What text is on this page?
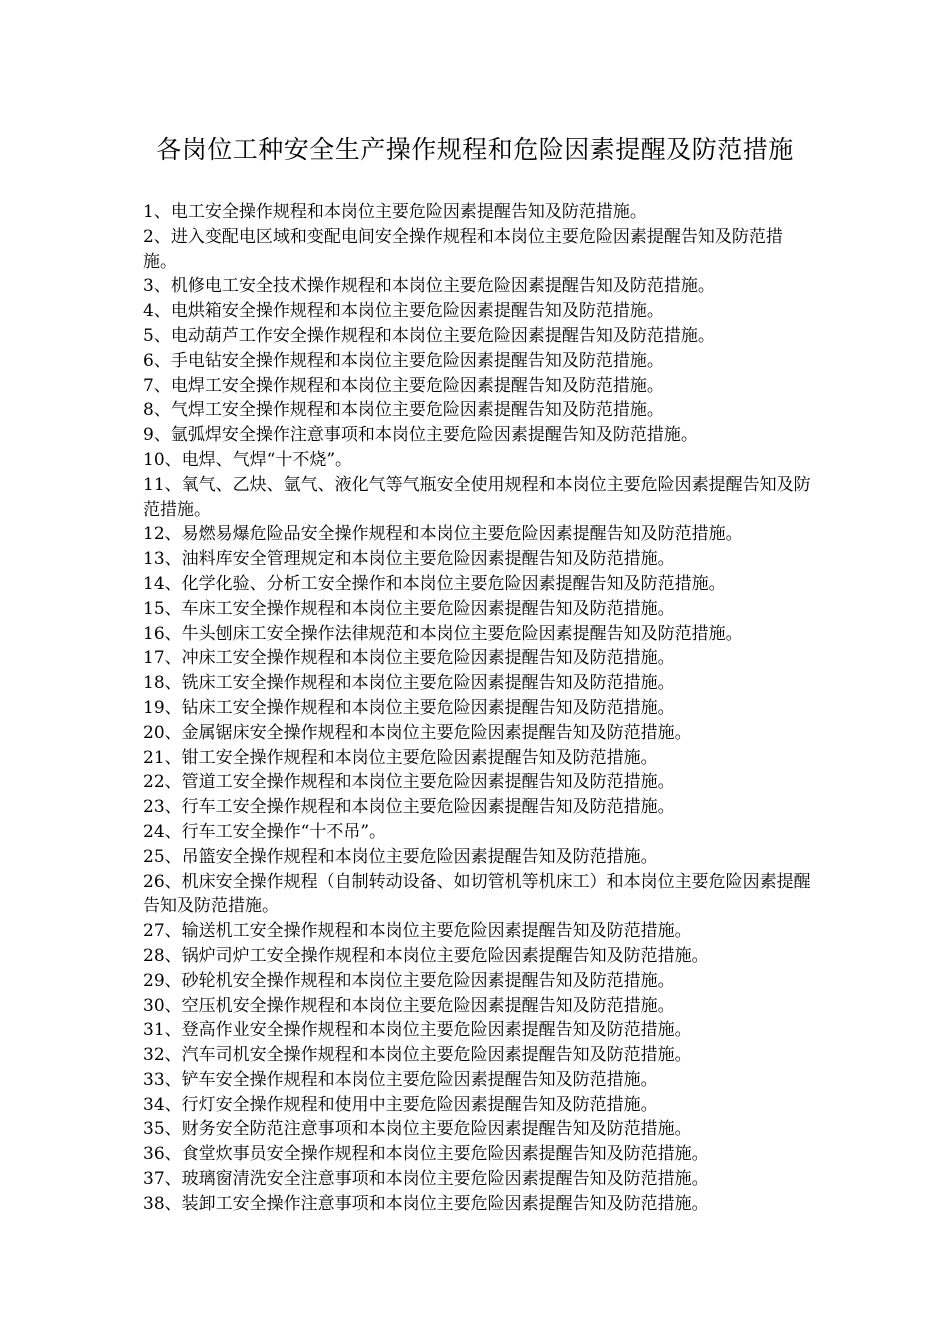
各岗位工种安全生产操作规程和危险因素提醒及防范措施
1、电工安全操作规程和本岗位主要危险因素提醒告知及防范措施。
2、进入变配电区域和变配电间安全操作规程和本岗位主要危险因素提醒告知及防范措施。
3、机修电工安全技术操作规程和本岗位主要危险因素提醒告知及防范措施。
4、电烘箱安全操作规程和本岗位主要危险因素提醒告知及防范措施。
5、电动葫芦工作安全操作规程和本岗位主要危险因素提醒告知及防范措施。
6、手电钻安全操作规程和本岗位主要危险因素提醒告知及防范措施。
7、电焊工安全操作规程和本岗位主要危险因素提醒告知及防范措施。
8、气焊工安全操作规程和本岗位主要危险因素提醒告知及防范措施。
9、氩弧焊安全操作注意事项和本岗位主要危险因素提醒告知及防范措施。
10、电焊、气焊“十不烧”。
11、氧气、乙炔、氩气、液化气等气瓶安全使用规程和本岗位主要危险因素提醒告知及防范措施。
12、易燃易爆危险品安全操作规程和本岗位主要危险因素提醒告知及防范措施。
13、油料库安全管理规定和本岗位主要危险因素提醒告知及防范措施。
14、化学化验、分析工安全操作和本岗位主要危险因素提醒告知及防范措施。
15、车床工安全操作规程和本岗位主要危险因素提醒告知及防范措施。
16、牛头刨床工安全操作法律规范和本岗位主要危险因素提醒告知及防范措施。
17、冲床工安全操作规程和本岗位主要危险因素提醒告知及防范措施。
18、铣床工安全操作规程和本岗位主要危险因素提醒告知及防范措施。
19、钻床工安全操作规程和本岗位主要危险因素提醒告知及防范措施。
20、金属锯床安全操作规程和本岗位主要危险因素提醒告知及防范措施。
21、钳工安全操作规程和本岗位主要危险因素提醒告知及防范措施。
22、管道工安全操作规程和本岗位主要危险因素提醒告知及防范措施。
23、行车工安全操作规程和本岗位主要危险因素提醒告知及防范措施。
24、行车工安全操作“十不吊”。
25、吊篮安全操作规程和本岗位主要危险因素提醒告知及防范措施。
26、机床安全操作规程（自制转动设备、如切管机等机床工）和本岗位主要危险因素提醒告知及防范措施。
27、输送机工安全操作规程和本岗位主要危险因素提醒告知及防范措施。
28、锅炉司炉工安全操作规程和本岗位主要危险因素提醒告知及防范措施。
29、砂轮机安全操作规程和本岗位主要危险因素提醒告知及防范措施。
30、空压机安全操作规程和本岗位主要危险因素提醒告知及防范措施。
31、登高作业安全操作规程和本岗位主要危险因素提醒告知及防范措施。
32、汽车司机安全操作规程和本岗位主要危险因素提醒告知及防范措施。
33、铲车安全操作规程和本岗位主要危险因素提醒告知及防范措施。
34、行灯安全操作规程和使用中主要危险因素提醒告知及防范措施。
35、财务安全防范注意事项和本岗位主要危险因素提醒告知及防范措施。
36、食堂炊事员安全操作规程和本岗位主要危险因素提醒告知及防范措施。
37、玻璃窗清洗安全注意事项和本岗位主要危险因素提醒告知及防范措施。
38、装卸工安全操作注意事项和本岗位主要危险因素提醒告知及防范措施。
